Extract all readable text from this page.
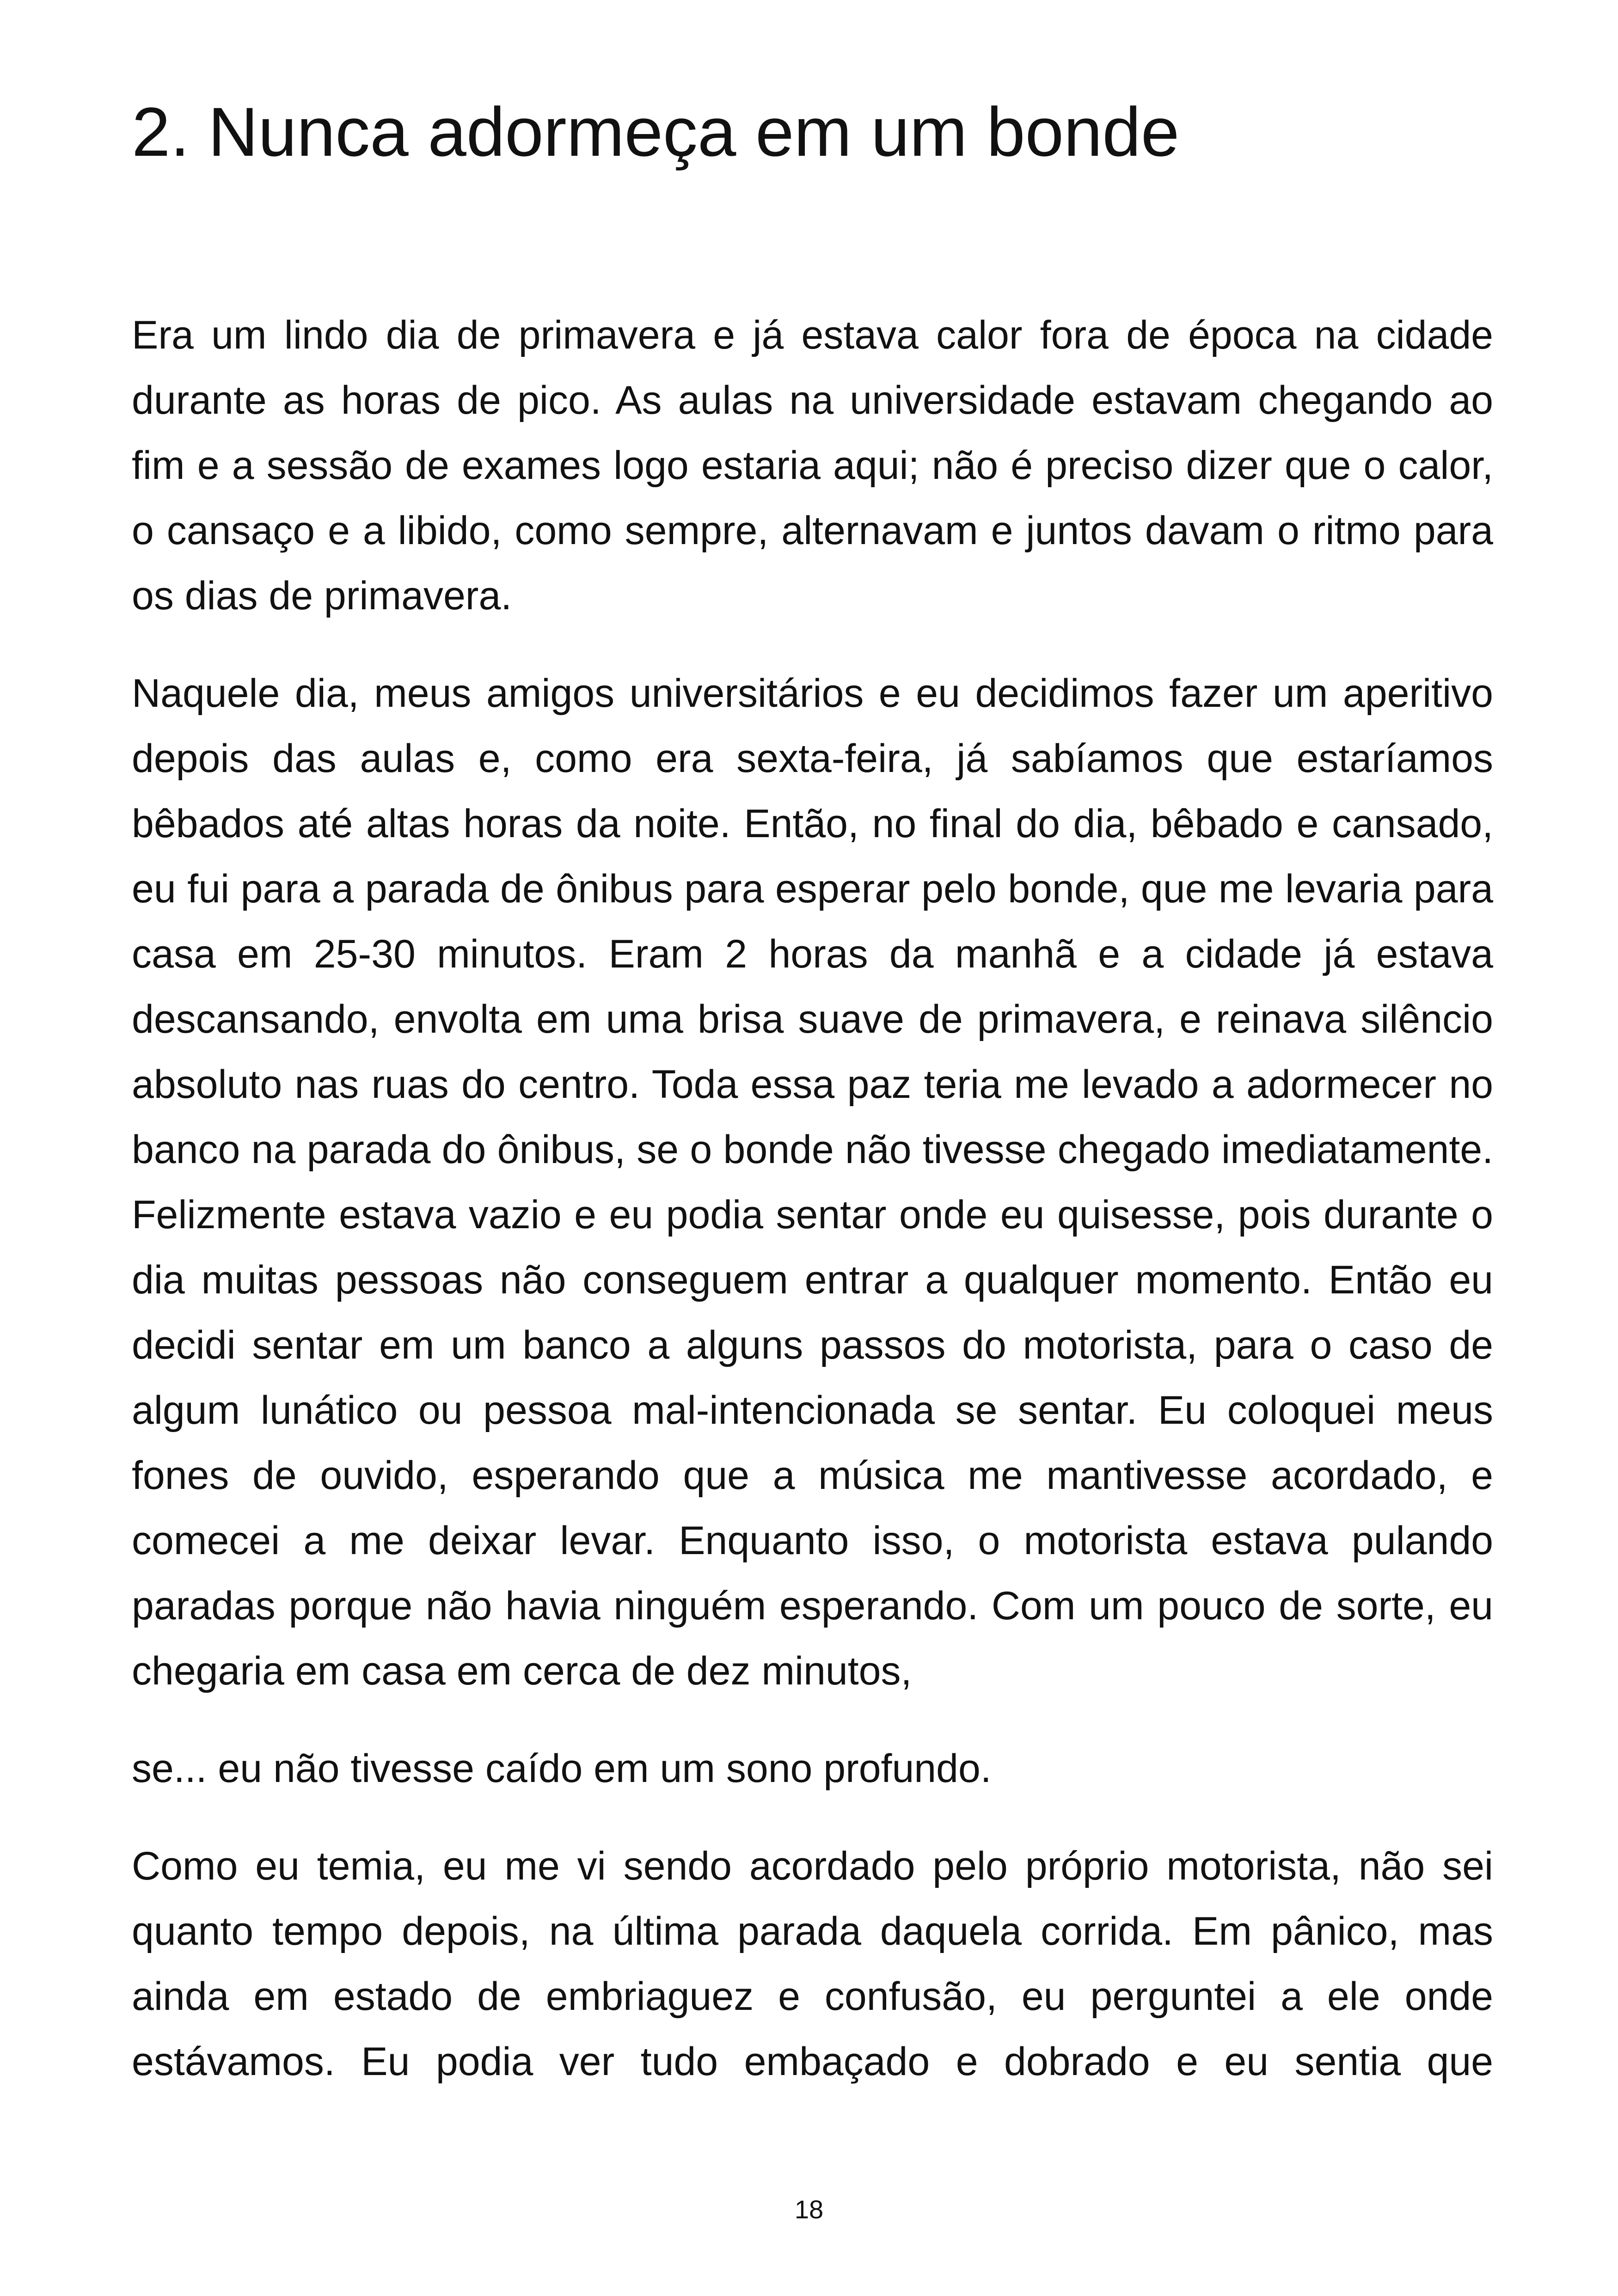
2. Nunca adormeça em um bonde

Era um lindo dia de primavera e já estava calor fora de época na cidade durante as horas de pico. As aulas na universidade estavam chegando ao fim e a sessão de exames logo estaria aqui; não é preciso dizer que o calor, o cansaço e a libido, como sempre, alternavam e juntos davam o ritmo para os dias de primavera.

Naquele dia, meus amigos universitários e eu decidimos fazer um aperitivo depois das aulas e, como era sexta-feira, já sabíamos que estaríamos bêbados até altas horas da noite. Então, no final do dia, bêbado e cansado, eu fui para a parada de ônibus para esperar pelo bonde, que me levaria para casa em 25-30 minutos. Eram 2 horas da manhã e a cidade já estava descansando, envolta em uma brisa suave de primavera, e reinava silêncio absoluto nas ruas do centro. Toda essa paz teria me levado a adormecer no banco na parada do ônibus, se o bonde não tivesse chegado imediatamente. Felizmente estava vazio e eu podia sentar onde eu quisesse, pois durante o dia muitas pessoas não conseguem entrar a qualquer momento. Então eu decidi sentar em um banco a alguns passos do motorista, para o caso de algum lunático ou pessoa mal-intencionada se sentar. Eu coloquei meus fones de ouvido, esperando que a música me mantivesse acordado, e comecei a me deixar levar. Enquanto isso, o motorista estava pulando paradas porque não havia ninguém esperando. Com um pouco de sorte, eu chegaria em casa em cerca de dez minutos,

se... eu não tivesse caído em um sono profundo.

Como eu temia, eu me vi sendo acordado pelo próprio motorista, não sei quanto tempo depois, na última parada daquela corrida. Em pânico, mas ainda em estado de embriaguez e confusão, eu perguntei a ele onde estávamos. Eu podia ver tudo embaçado e dobrado e eu sentia que

18
